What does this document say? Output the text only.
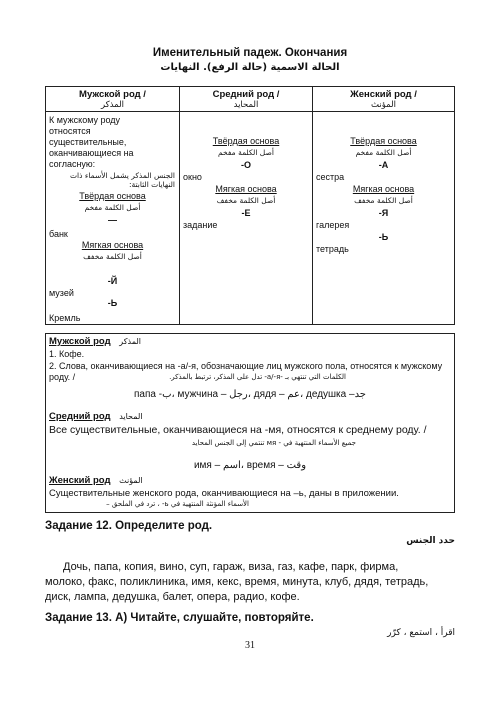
Именительный падеж. Окончания
الحالة الاسمية (حالة الرفع). النهايات
Мужской род /
المذكر
Средний род /
المحايد
Женский род /
المؤنث
К мужскому роду
относятся
существительные,
оканчивающиеся на
согласную:
الجنس المذكر يشمل الأسماء ذات
النهايات الثابتة:
Твёрдая основа
أصل الكلمة مفخم
—
банк
Мягкая основа
أصل الكلمة مخفف
-Й
музей
-Ь
Кремль
Твёрдая основа
أصل الكلمة مفخم
-О
окно
Мягкая основа
أصل الكلمة مخفف
-Е
задание
Твёрдая основа
أصل الكلمة مفخم
-А
сестра
Мягкая основа
أصل الكلمة مخفف
-Я
галерея
-Ь
тетрадь
Мужской род المذكر
1. Кофе.
2. Слова, оканчивающиеся на -а/-я, обозначающие лиц мужского пола, относятся к мужскому роду. /	الكلمات التي تنتهي بـ -а/-я- تدل على المذكر، ترتبط بالمذكر.
папа -ب، мужчина – رجل، дядя – عم، дедушка –جد
Средний род المحايد
Все существительные, оканчивающиеся на -мя, относятся к среднему роду. /
جميع الأسماء المنتهية في - мя تنتمي إلى الجنس المحايد
имя – اسم، время – وقت
Женский род المؤنث
Существительные женского рода, оканчивающиеся на –ь, даны в приложении.
الأسماء المؤنثة المنتهية في ь- ، ترد في الملحق –
Задание 12. Определите род.
حدد الجنس
Дочь, папа, копия, вино, суп, гараж, виза, газ, кафе, парк, фирма,
молоко, факс, поликлиника, имя, кекс, время, минута, клуб, дядя, тетрадь,
диск, лампа, дедушка, балет, опера, радио, кофе.
Задание 13. А) Читайте, слушайте, повторяйте.
اقرأ ، استمع ، كرّر
31
